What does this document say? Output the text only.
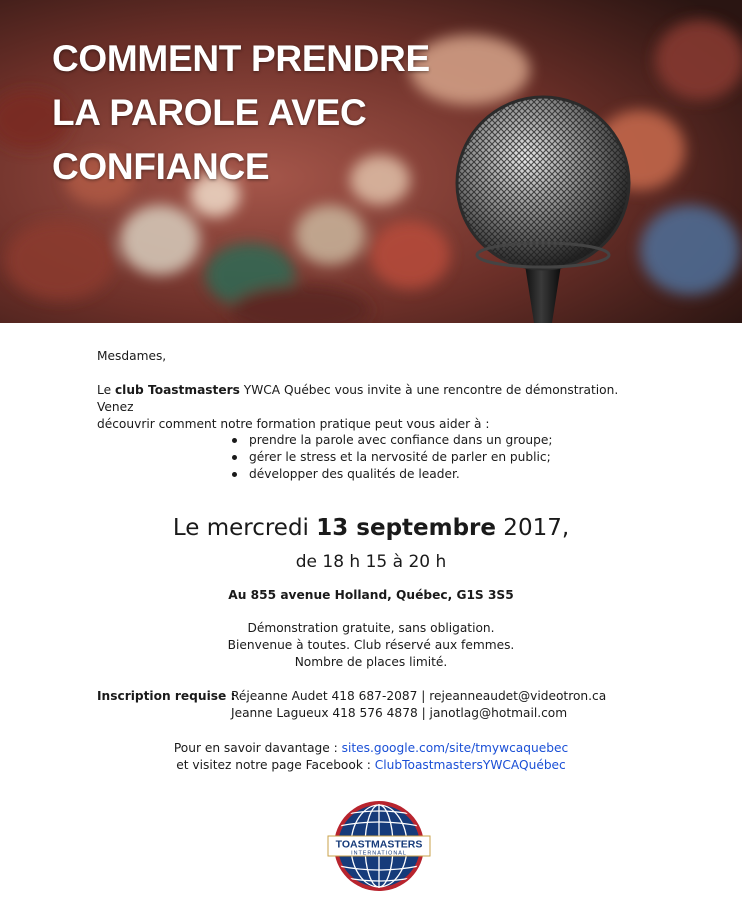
COMMENT PRENDRE
LA PAROLE AVEC
CONFIANCE

Mesdames,

Le club Toastmasters YWCA Québec vous invite à une rencontre de démonstration. Venez
découvrir comment notre formation pratique peut vous aider à :

prendre la parole avec confiance dans un groupe;
gérer le stress et la nervosité de parler en public;
développer des qualités de leader.

Le mercredi 13 septembre 2017,

de 18 h 15 à 20 h

Au 855 avenue Holland, Québec, G1S 3S5

Démonstration gratuite, sans obligation.
Bienvenue à toutes. Club réservé aux femmes.
Nombre de places limité.

Inscription requise :
Réjeanne Audet 418 687-2087 | rejeanneaudet@videotron.ca
Jeanne Lagueux 418 576 4878 | janotlag@hotmail.com

Pour en savoir davantage : sites.google.com/site/tmywcaquebec
et visitez notre page Facebook : ClubToastmastersYWCAQuébec

TOASTMASTERS
INTERNATIONAL
